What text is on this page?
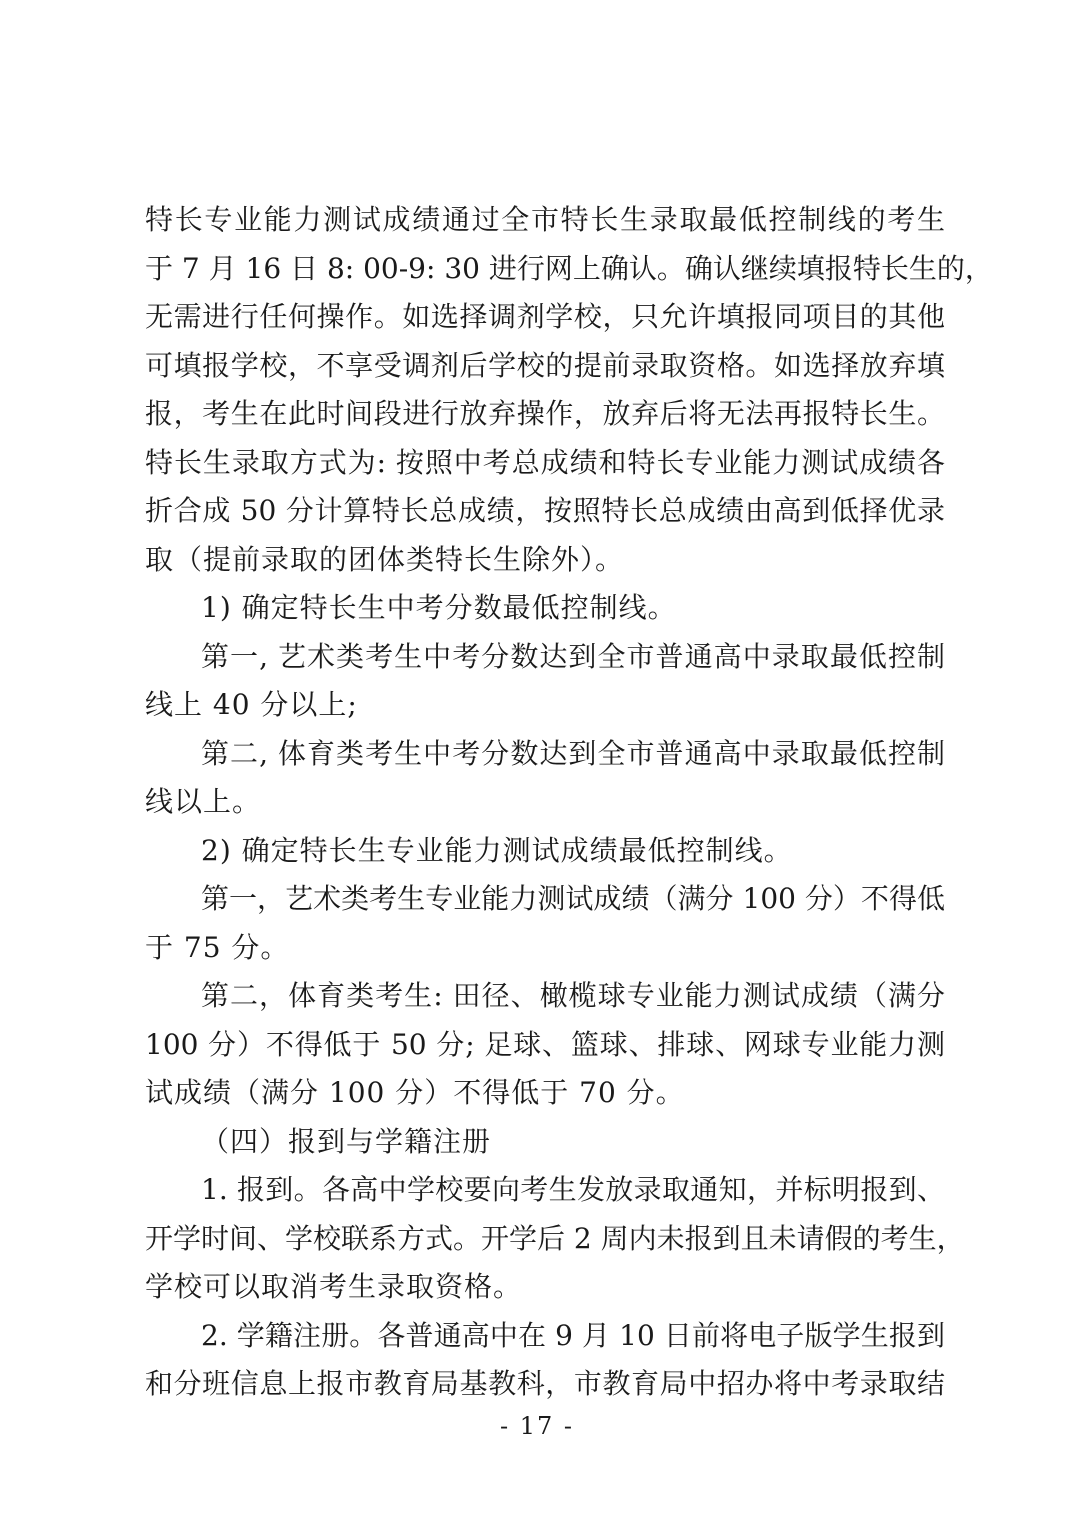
特长专业能力测试成绩通过全市特长生录取最低控制线的考生
于 7 月 16 日 8: 00-9: 30 进行网上确认。确认继续填报特长生的，
无需进行任何操作。如选择调剂学校，只允许填报同项目的其他
可填报学校，不享受调剂后学校的提前录取资格。如选择放弃填
报，考生在此时间段进行放弃操作，放弃后将无法再报特长生。
特长生录取方式为: 按照中考总成绩和特长专业能力测试成绩各
折合成 50 分计算特长总成绩，按照特长总成绩由高到低择优录
取（提前录取的团体类特长生除外）。
1) 确定特长生中考分数最低控制线。
第一, 艺术类考生中考分数达到全市普通高中录取最低控制
线上 40 分以上;
第二, 体育类考生中考分数达到全市普通高中录取最低控制
线以上。
2) 确定特长生专业能力测试成绩最低控制线。
第一，艺术类考生专业能力测试成绩（满分 100 分）不得低
于 75 分。
第二，体育类考生: 田径、橄榄球专业能力测试成绩（满分
100 分）不得低于 50 分; 足球、篮球、排球、网球专业能力测
试成绩（满分 100 分）不得低于 70 分。
（四）报到与学籍注册
1. 报到。各高中学校要向考生发放录取通知，并标明报到、
开学时间、学校联系方式。开学后 2 周内未报到且未请假的考生，
学校可以取消考生录取资格。
2. 学籍注册。各普通高中在 9 月 10 日前将电子版学生报到
和分班信息上报市教育局基教科，市教育局中招办将中考录取结
- 17 -
